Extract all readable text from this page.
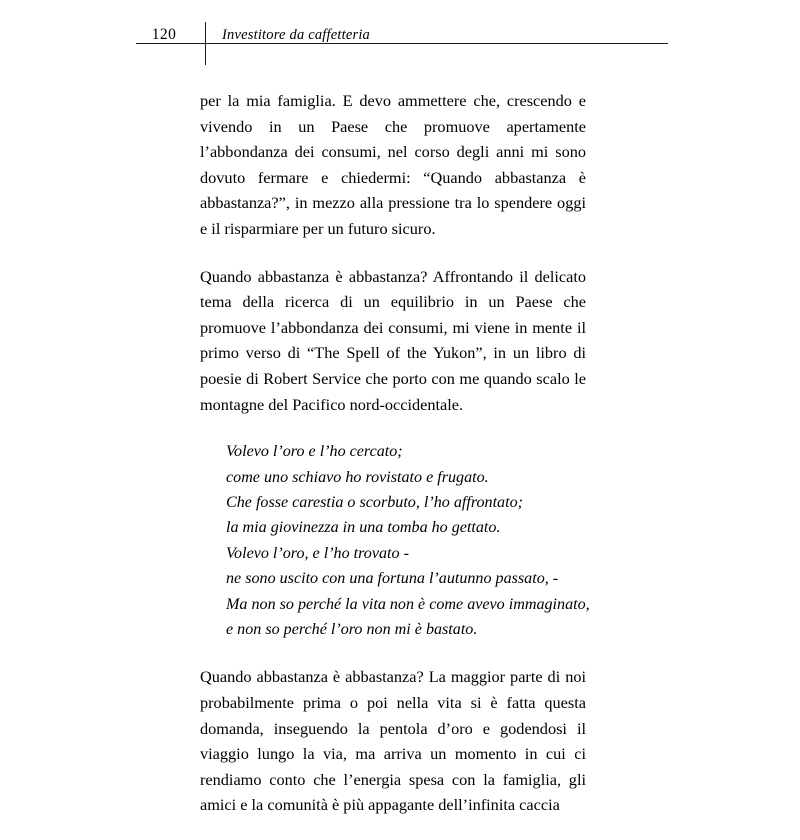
120	Investitore da caffetteria

per la mia famiglia. E devo ammettere che, crescendo e vivendo in un Paese che promuove apertamente l’abbondanza dei consumi, nel corso degli anni mi sono dovuto fermare e chiedermi: “Quando abbastanza è abbastanza?”, in mezzo alla pressione tra lo spendere oggi e il risparmiare per un futuro sicuro.

Quando abbastanza è abbastanza? Affrontando il delicato tema della ricerca di un equilibrio in un Paese che promuove l’abbondanza dei consumi, mi viene in mente il primo verso di “The Spell of the Yukon”, in un libro di poesie di Robert Service che porto con me quando scalo le montagne del Pacifico nord-occidentale.

Volevo l’oro e l’ho cercato;
come uno schiavo ho rovistato e frugato.
Che fosse carestia o scorbuto, l’ho affrontato;
la mia giovinezza in una tomba ho gettato.
Volevo l’oro, e l’ho trovato -
ne sono uscito con una fortuna l’autunno passato, -
Ma non so perché la vita non è come avevo immaginato,
e non so perché l’oro non mi è bastato.

Quando abbastanza è abbastanza? La maggior parte di noi probabilmente prima o poi nella vita si è fatta questa domanda, inseguendo la pentola d’oro e godendosi il viaggio lungo la via, ma arriva un momento in cui ci rendiamo conto che l’energia spesa con la famiglia, gli amici e la comunità è più appagante dell’infinita caccia
